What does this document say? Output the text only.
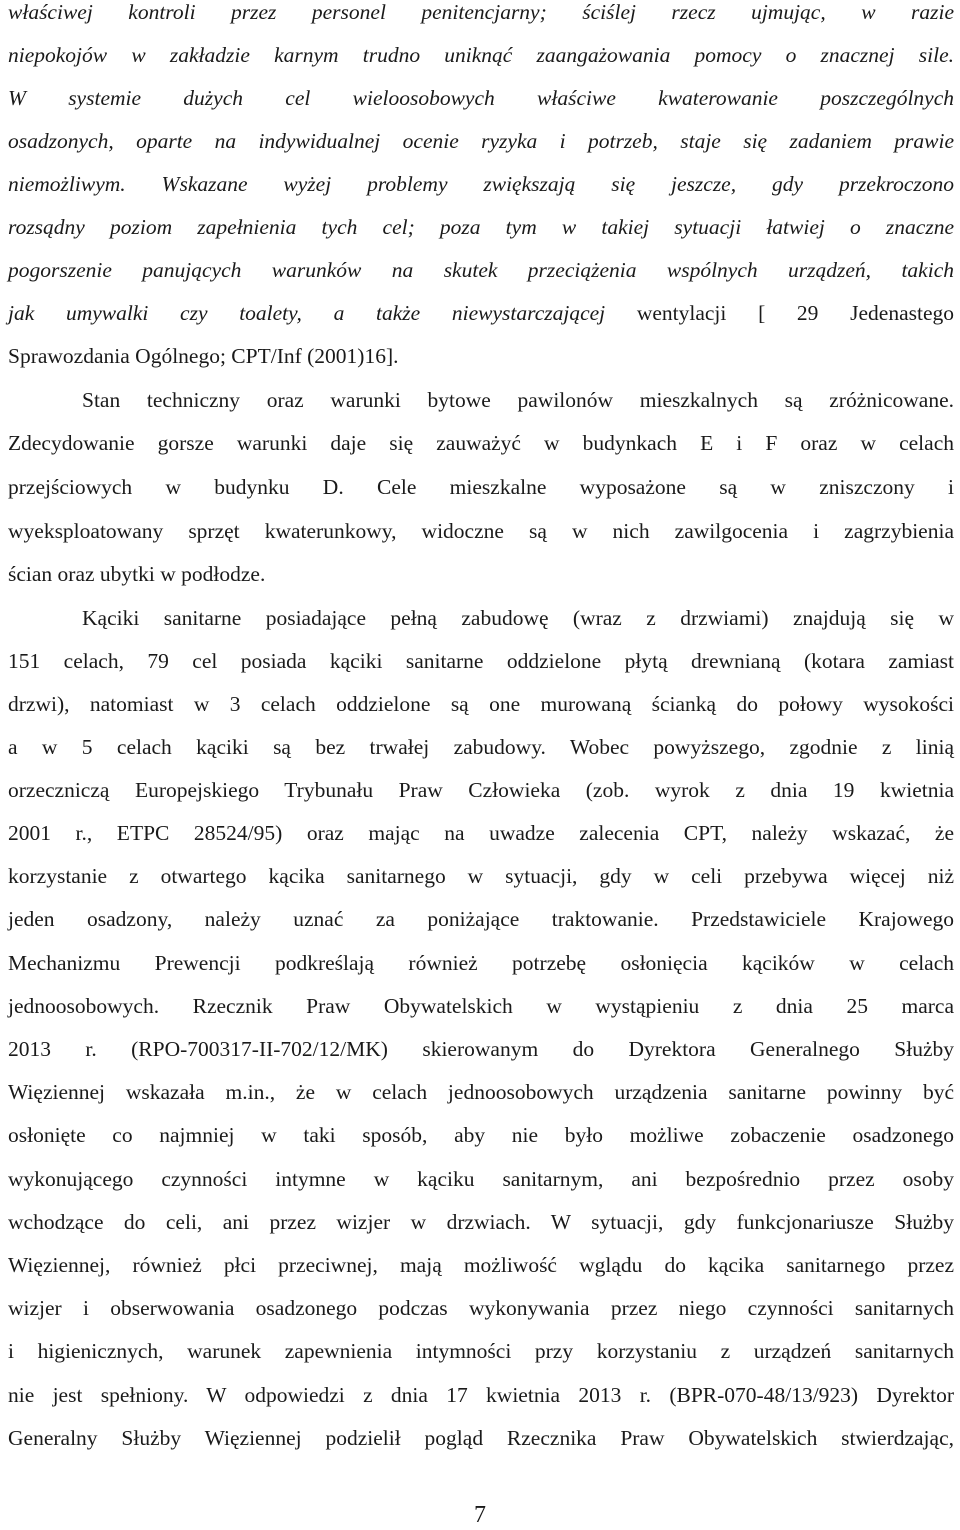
właściwej kontroli przez personel penitencjarny; ściślej rzecz ujmując, w razie
niepokojów w zakładzie karnym trudno uniknąć zaangażowania pomocy o znacznej sile.
W systemie dużych cel wieloosobowych właściwe kwaterowanie poszczególnych
osadzonych, oparte na indywidualnej ocenie ryzyka i potrzeb, staje się zadaniem prawie
niemożliwym. Wskazane wyżej problemy zwiększają się jeszcze, gdy przekroczono
rozsądny poziom zapełnienia tych cel; poza tym w takiej sytuacji łatwiej o znaczne
pogorszenie panujących warunków na skutek przeciążenia wspólnych urządzeń, takich
jak umywalki czy toalety, a także niewystarczającej wentylacji [ 29 Jedenastego
Sprawozdania Ogólnego; CPT/Inf (2001)16].
Stan techniczny oraz warunki bytowe pawilonów mieszkalnych są zróżnicowane.
Zdecydowanie gorsze warunki daje się zauważyć w budynkach E i F oraz w celach
przejściowych w budynku D. Cele mieszkalne wyposażone są w zniszczony i
wyeksploatowany sprzęt kwaterunkowy, widoczne są w nich zawilgocenia i zagrzybienia
ścian oraz ubytki w podłodze.
Kąciki sanitarne posiadające pełną zabudowę (wraz z drzwiami) znajdują się w
151 celach, 79 cel posiada kąciki sanitarne oddzielone płytą drewnianą (kotara zamiast
drzwi), natomiast w 3 celach oddzielone są one murowaną ścianką do połowy wysokości
a w 5 celach kąciki są bez trwałej zabudowy. Wobec powyższego, zgodnie z linią
orzeczniczą Europejskiego Trybunału Praw Człowieka (zob. wyrok z dnia 19 kwietnia
2001 r., ETPC 28524/95) oraz mając na uwadze zalecenia CPT, należy wskazać, że
korzystanie z otwartego kącika sanitarnego w sytuacji, gdy w celi przebywa więcej niż
jeden osadzony, należy uznać za poniżające traktowanie. Przedstawiciele Krajowego
Mechanizmu Prewencji podkreślają również potrzebę osłonięcia kącików w celach
jednoosobowych. Rzecznik Praw Obywatelskich w wystąpieniu z dnia 25 marca
2013 r. (RPO-700317-II-702/12/MK) skierowanym do Dyrektora Generalnego Służby
Więziennej wskazała m.in., że w celach jednoosobowych urządzenia sanitarne powinny być
osłonięte co najmniej w taki sposób, aby nie było możliwe zobaczenie osadzonego
wykonującego czynności intymne w kąciku sanitarnym, ani bezpośrednio przez osoby
wchodzące do celi, ani przez wizjer w drzwiach. W sytuacji, gdy funkcjonariusze Służby
Więziennej, również płci przeciwnej, mają możliwość wglądu do kącika sanitarnego przez
wizjer i obserwowania osadzonego podczas wykonywania przez niego czynności sanitarnych
i higienicznych, warunek zapewnienia intymności przy korzystaniu z urządzeń sanitarnych
nie jest spełniony. W odpowiedzi z dnia 17 kwietnia 2013 r. (BPR-070-48/13/923) Dyrektor
Generalny Służby Więziennej podzielił pogląd Rzecznika Praw Obywatelskich stwierdzając,
7
